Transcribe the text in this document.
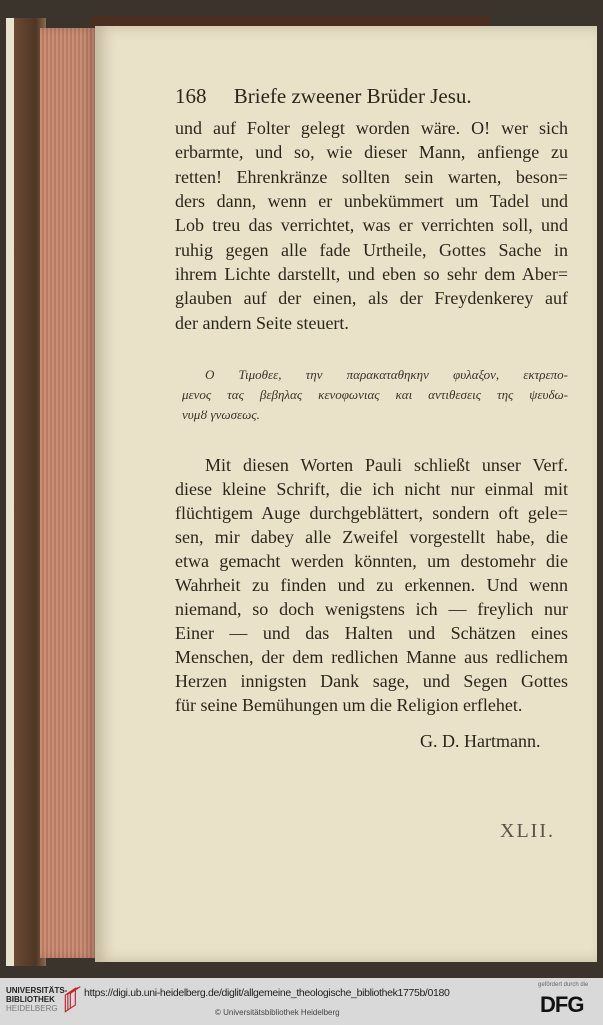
168 Briefe zweener Brüder Jesu.
und auf Folter gelegt worden wäre. O! wer sich
erbarmte, und so, wie dieser Mann, anfienge zu
retten! Ehrenkränze sollten sein warten, beson=
ders dann, wenn er unbekümmert um Tadel und
Lob treu das verrichtet, was er verrichten soll, und
ruhig gegen alle fade Urtheile, Gottes Sache in
ihrem Lichte darstellt, und eben so sehr dem Aber=
glauben auf der einen, als der Freydenkerey auf
der andern Seite steuert.
Ο Τιμοθεε, την παρακαταθηκην φυλαξον, εκτρεπο-
μενος τας βεβηλας κενοφωνιας και αντιθεσεις της ψευδω-
νυμȣ γνωσεως.
Mit diesen Worten Pauli schließt unser Verf.
diese kleine Schrift, die ich nicht nur einmal mit
flüchtigem Auge durchgeblättert, sondern oft gele=
sen, mir dabey alle Zweifel vorgestellt habe, die
etwa gemacht werden könnten, um destomehr die
Wahrheit zu finden und zu erkennen. Und wenn
niemand, so doch wenigstens ich — freylich nur
Einer — und das Halten und Schätzen eines
Menschen, der dem redlichen Manne aus redlichem
Herzen innigsten Dank sage, und Segen Gottes
für seine Bemühungen um die Religion erflehet.
G. D. Hartmann.
XLII.
UNIVERSITÄTS-
BIBLIOTHEK
HEIDELBERG
https://digi.ub.uni-heidelberg.de/diglit/allgemeine_theologische_bibliothek1775b/0180
© Universitätsbibliothek Heidelberg
gefördert durch die
DFG
